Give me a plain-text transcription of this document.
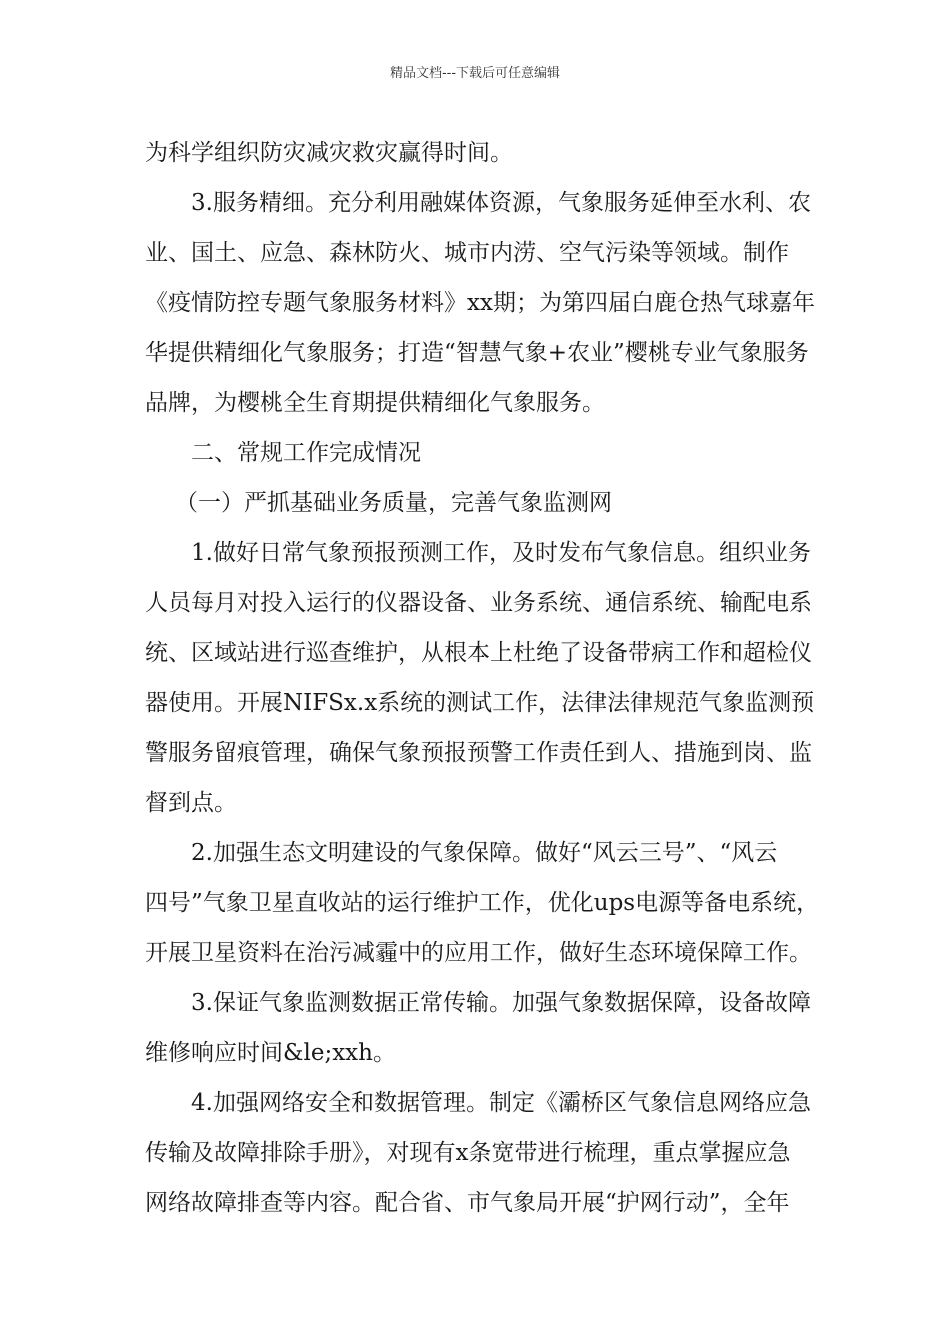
精品文档---下载后可任意编辑
为科学组织防灾减灾救灾赢得时间。
3.服务精细。充分利用融媒体资源，气象服务延伸至水利、农
业、国土、应急、森林防火、城市内涝、空气污染等领域。制作
《疫情防控专题气象服务材料》xx期；为第四届白鹿仓热气球嘉年
华提供精细化气象服务；打造“智慧气象+农业”樱桃专业气象服务
品牌，为樱桃全生育期提供精细化气象服务。
二、常规工作完成情况
（一）严抓基础业务质量，完善气象监测网
1.做好日常气象预报预测工作，及时发布气象信息。组织业务
人员每月对投入运行的仪器设备、业务系统、通信系统、输配电系
统、区域站进行巡查维护，从根本上杜绝了设备带病工作和超检仪
器使用。开展NIFSx.x系统的测试工作，法律法律规范气象监测预
警服务留痕管理，确保气象预报预警工作责任到人、措施到岗、监
督到点。
2.加强生态文明建设的气象保障。做好“风云三号”、“风云
四号”气象卫星直收站的运行维护工作，优化ups电源等备电系统，
开展卫星资料在治污减霾中的应用工作，做好生态环境保障工作。
3.保证气象监测数据正常传输。加强气象数据保障，设备故障
维修响应时间&le;xxh。
4.加强网络安全和数据管理。制定《灞桥区气象信息网络应急
传输及故障排除手册》，对现有x条宽带进行梳理，重点掌握应急
网络故障排查等内容。配合省、市气象局开展“护网行动”，全年
